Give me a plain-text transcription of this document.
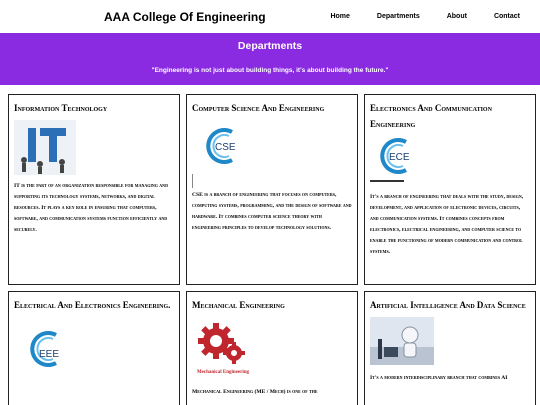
AAA College Of Engineering	Home	Departments	About	Contact
Departments

"Engineering is not just about building things, it's about building the future."

Information Technology

IT is the part of an organization responsible for managing and supporting its technology systems, networks, and digital resources. It plays a key role in ensuring that computers, software, and communication systems function efficiently and securely.

Computer Science And Engineering
CSE

CSE is a branch of engineering that focuses on computers, computing systems, programming, and the design of software and hardware. It combines computer science theory with engineering principles to develop technology solutions.

Electronics And Communication Engineering
ECE

It's a branch of engineering that deals with the study, design, development, and application of electronic devices, circuits, and communication systems. It combines concepts from electronics, electrical engineering, and computer science to enable the functioning of modern communication and control systems.

Electrical And Electronics Engineering.
EEE

Mechanical Engineering
Mechanical Engineering

Mechanical Engineering (ME / Mech) is one of the

Artificial Intelligence And Data Science

It's a modern interdisciplinary branch that combines AI
